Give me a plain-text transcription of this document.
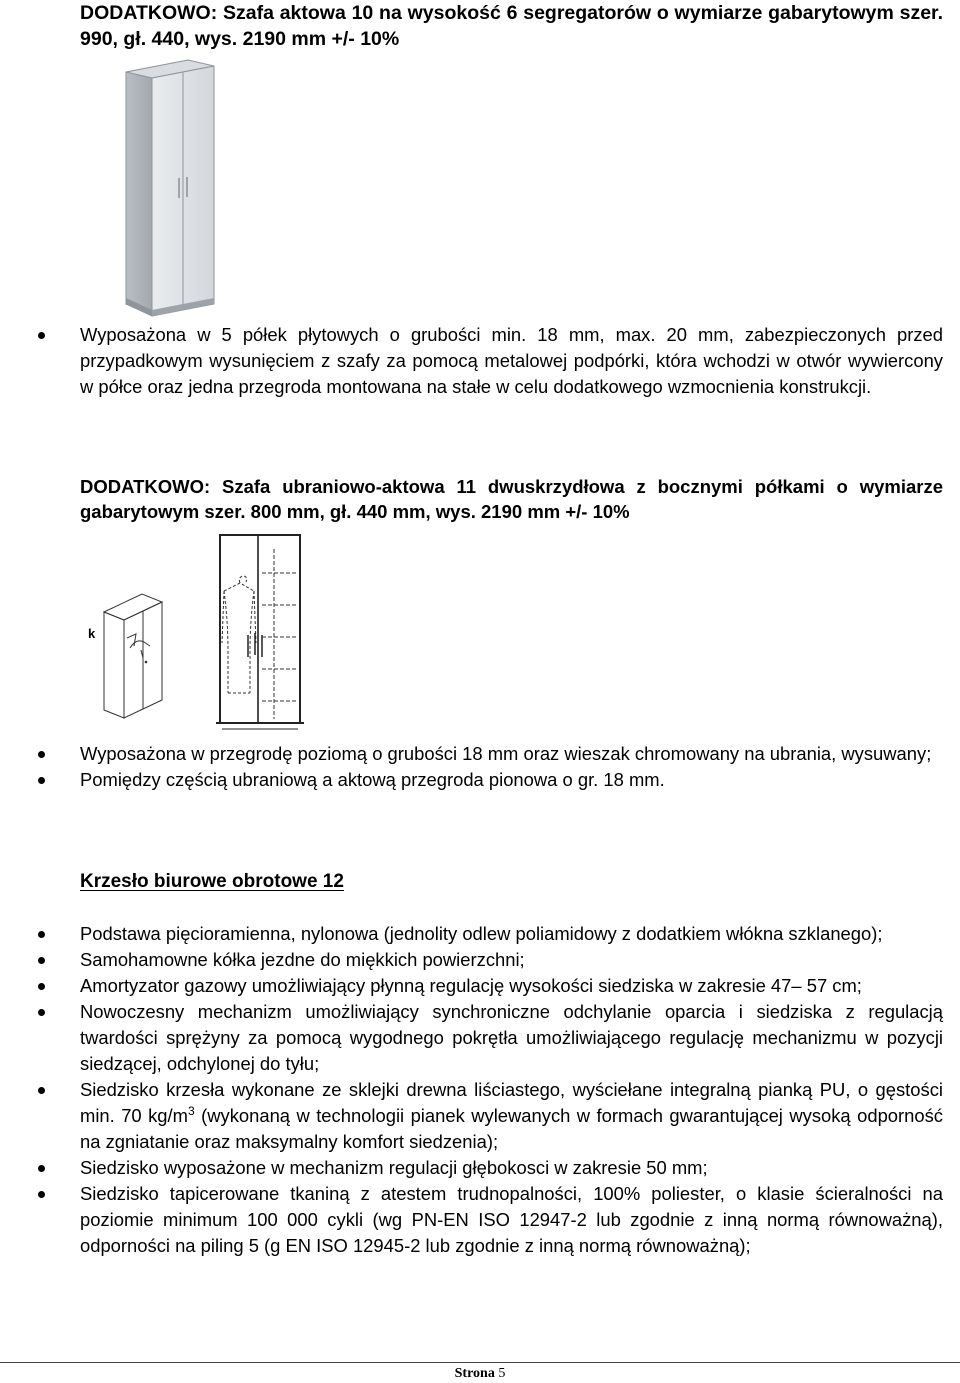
DODATKOWO: Szafa aktowa 10 na wysokość 6 segregatorów o wymiarze gabarytowym szer. 990, gł. 440, wys. 2190 mm +/- 10%

Wyposażona w 5 półek płytowych o grubości min. 18 mm, max. 20 mm, zabezpieczonych przed przypadkowym wysunięciem z szafy za pomocą metalowej podpórki, która wchodzi w otwór wywiercony w półce oraz jedna przegroda montowana na stałe w celu dodatkowego wzmocnienia konstrukcji.

DODATKOWO: Szafa ubraniowo-aktowa 11 dwuskrzydłowa z bocznymi półkami o wymiarze gabarytowym szer. 800 mm, gł. 440 mm, wys. 2190 mm +/- 10%

k
Wyposażona w przegrodę poziomą o grubości 18 mm oraz wieszak chromowany na ubrania, wysuwany;
Pomiędzy częścią ubraniową a aktową przegroda pionowa o gr. 18 mm.

Krzesło biurowe obrotowe 12

Podstawa pięcioramienna, nylonowa (jednolity odlew poliamidowy z dodatkiem włókna szklanego);
Samohamowne kółka jezdne do miękkich powierzchni;
Amortyzator gazowy umożliwiający płynną regulację wysokości siedziska w zakresie 47– 57 cm;
Nowoczesny mechanizm umożliwiający synchroniczne odchylanie oparcia i siedziska z regulacją twardości sprężyny za pomocą wygodnego pokrętła umożliwiającego regulację mechanizmu w pozycji siedzącej, odchylonej do tyłu;
Siedzisko krzesła wykonane ze sklejki drewna liściastego, wyściełane integralną pianką PU, o gęstości min. 70 $kg/m^3$ (wykonaną w technologii pianek wylewanych w formach gwarantującej wysoką odporność na zgniatanie oraz maksymalny komfort siedzenia);
Siedzisko wyposażone w mechanizm regulacji głębokosci w zakresie 50 mm;
Siedzisko tapicerowane tkaniną z atestem trudnopalności, 100% poliester, o klasie ścieralności na poziomie minimum 100 000 cykli (wg PN-EN ISO 12947-2 lub zgodnie z inną normą równoważną), odporności na piling 5 (g EN ISO 12945-2 lub zgodnie z inną normą równoważną);
Strona 5
